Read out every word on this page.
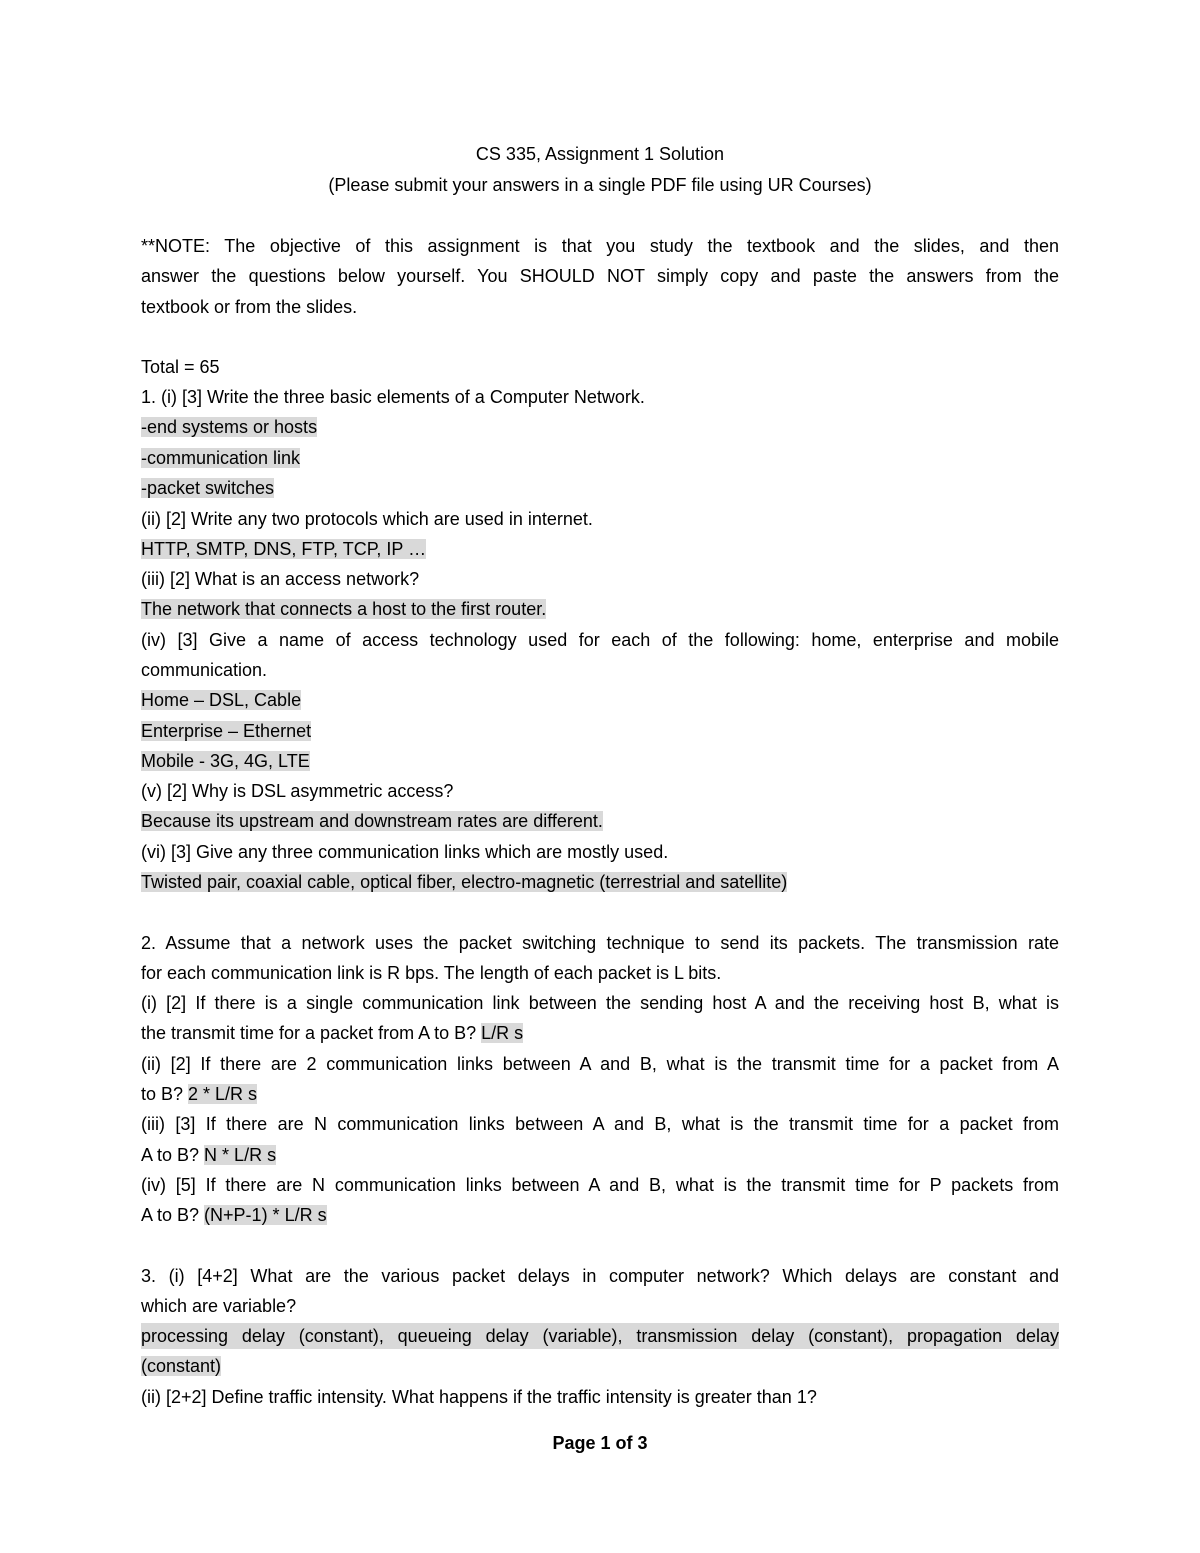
CS 335, Assignment 1 Solution

(Please submit your answers in a single PDF file using UR Courses)

**NOTE: The objective of this assignment is that you study the textbook and the slides, and then

answer the questions below yourself. You SHOULD NOT simply copy and paste the answers from the

textbook or from the slides.

Total = 65

1. (i) [3] Write the three basic elements of a Computer Network.

-end systems or hosts

-communication link

-packet switches

(ii) [2] Write any two protocols which are used in internet.

HTTP, SMTP, DNS, FTP, TCP, IP …

(iii) [2] What is an access network?

The network that connects a host to the first router.

(iv) [3] Give a name of access technology used for each of the following: home, enterprise and mobile

communication.

Home – DSL, Cable

Enterprise – Ethernet

Mobile - 3G, 4G, LTE

(v) [2] Why is DSL asymmetric access?

Because its upstream and downstream rates are different.

(vi) [3] Give any three communication links which are mostly used.

Twisted pair, coaxial cable, optical fiber, electro-magnetic (terrestrial and satellite)

2. Assume that a network uses the packet switching technique to send its packets. The transmission rate

for each communication link is R bps. The length of each packet is L bits.

(i) [2] If there is a single communication link between the sending host A and the receiving host B, what is

the transmit time for a packet from A to B? L/R s

(ii) [2] If there are 2 communication links between A and B, what is the transmit time for a packet from A

to B? 2 * L/R s

(iii) [3] If there are N communication links between A and B, what is the transmit time for a packet from

A to B? N * L/R s

(iv) [5] If there are N communication links between A and B, what is the transmit time for P packets from

A to B? (N+P-1) * L/R s

3. (i) [4+2] What are the various packet delays in computer network? Which delays are constant and

which are variable?

processing delay (constant), queueing delay (variable), transmission delay (constant), propagation delay

(constant)

(ii) [2+2] Define traffic intensity. What happens if the traffic intensity is greater than 1?

Page 1 of 3
